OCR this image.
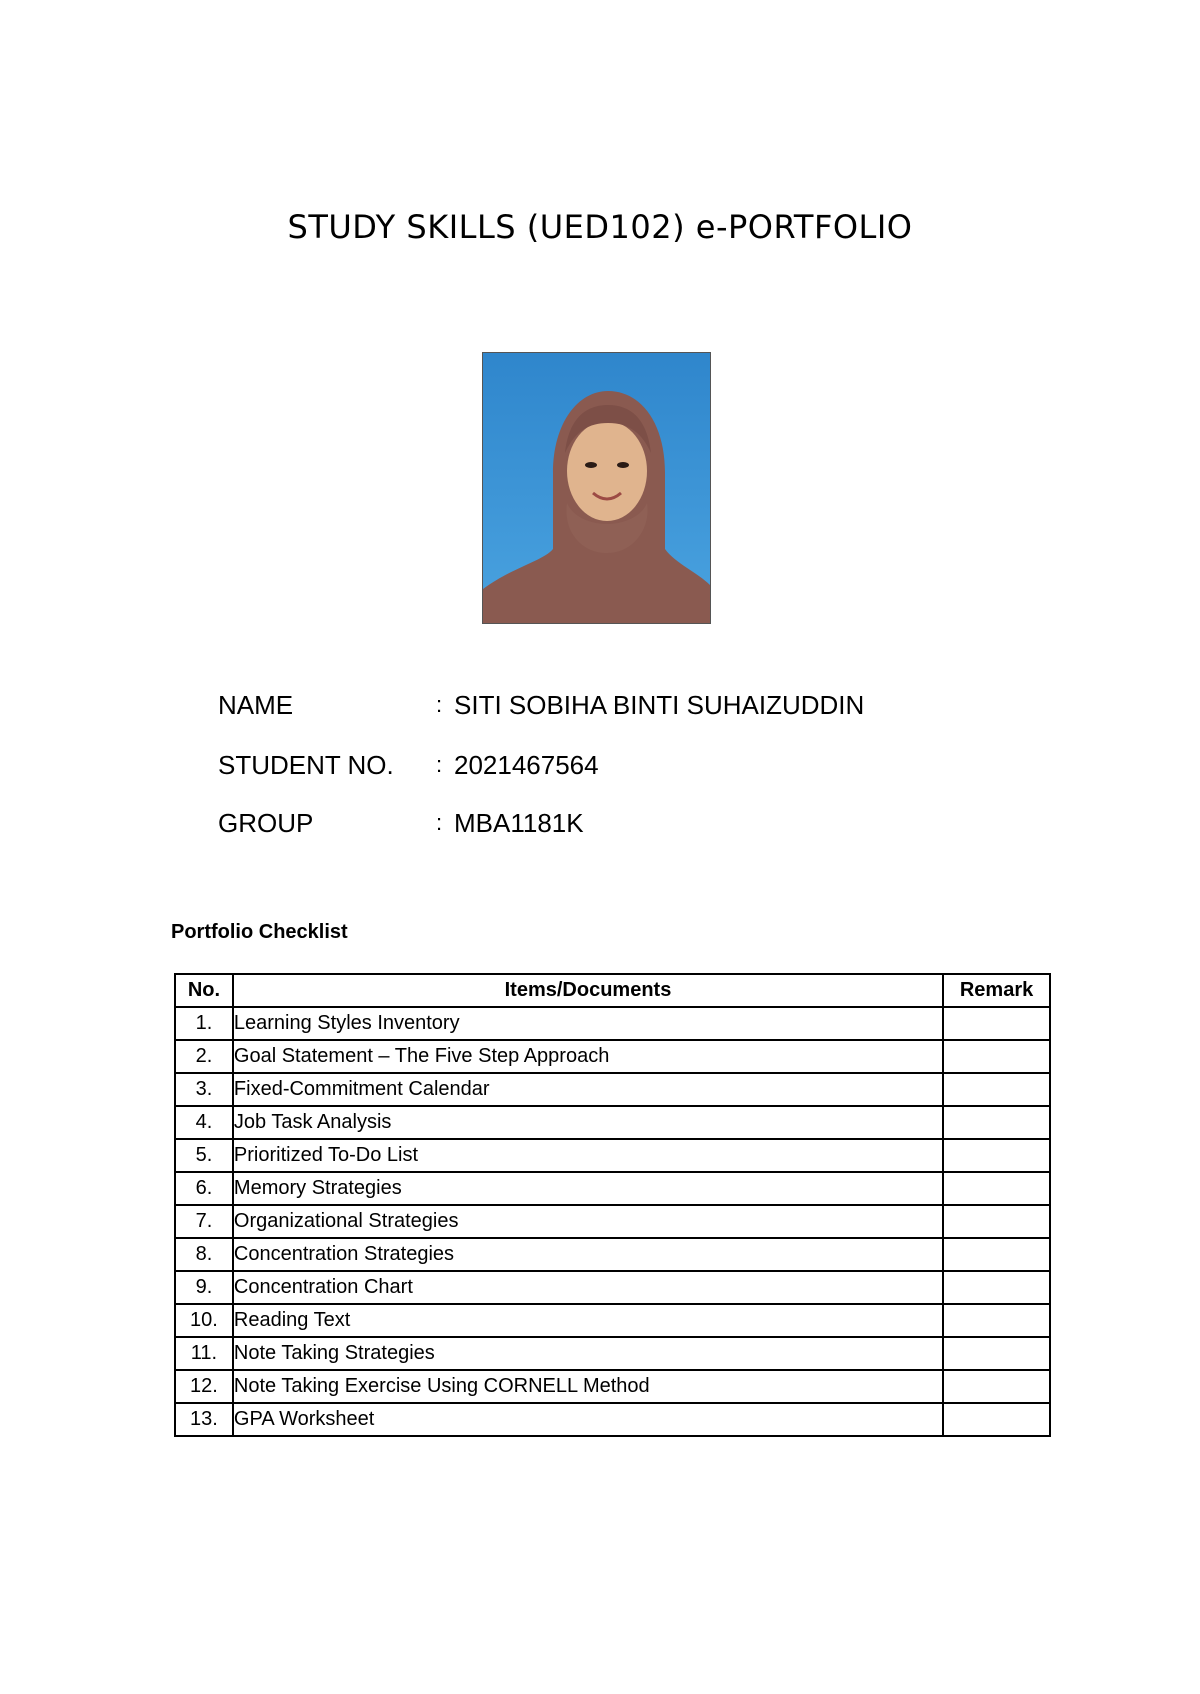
STUDY SKILLS (UED102) e-PORTFOLIO
NAME	: SITI SOBIHA BINTI SUHAIZUDDIN
STUDENT NO. : 2021467564
GROUP	: MBA1181K
Portfolio Checklist
No.	Items/Documents	Remark
1.	Learning Styles Inventory	
2.	Goal Statement – The Five Step Approach	
3.	Fixed-Commitment Calendar	
4.	Job Task Analysis	
5.	Prioritized To-Do List	
6.	Memory Strategies	
7.	Organizational Strategies	
8.	Concentration Strategies	
9.	Concentration Chart	
10.	Reading Text	
11.	Note Taking Strategies	
12.	Note Taking Exercise Using CORNELL Method	
13.	GPA Worksheet	
